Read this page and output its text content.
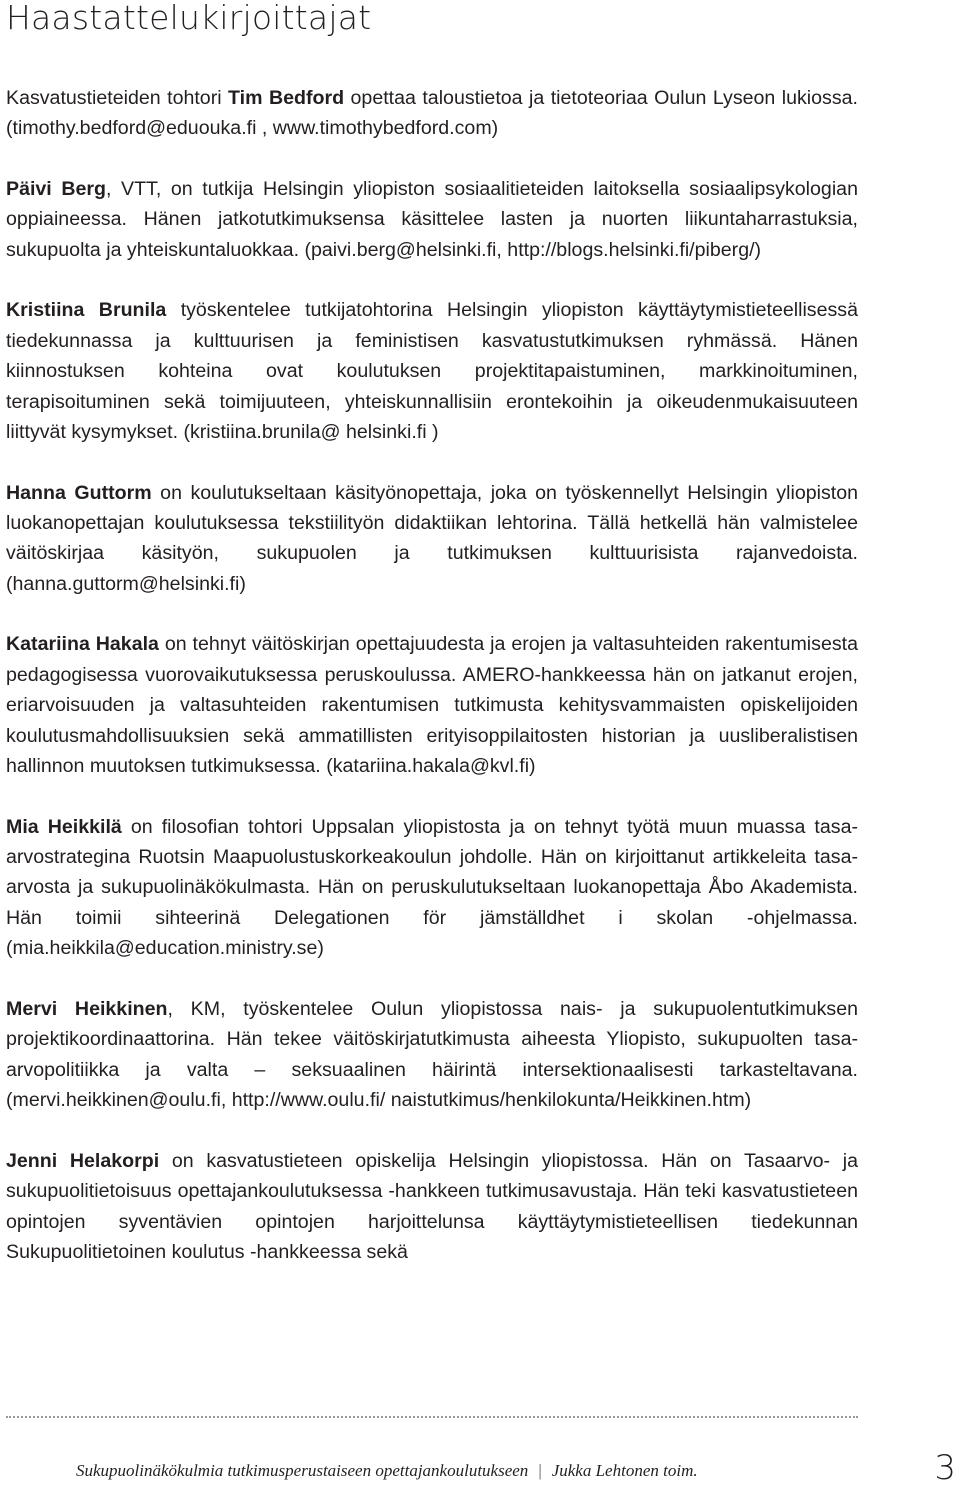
Haastattelukirjoittajat

Kasvatustieteiden tohtori Tim Bedford opettaa taloustietoa ja tietoteoriaa Oulun Lyseon lukiossa. (timothy.bedford@eduouka.fi , www.timothybedford.com)

Päivi Berg, VTT, on tutkija Helsingin yliopiston sosiaalitieteiden laitoksella sosiaalipsykologian oppiaineessa. Hänen jatkotutkimuksensa käsittelee lasten ja nuorten liikuntaharrastuksia, sukupuolta ja yhteiskuntaluokkaa. (paivi.berg@helsinki.fi, http://blogs.helsinki.fi/piberg/)

Kristiina Brunila työskentelee tutkijatohtorina Helsingin yliopiston käyttäytymistieteellisessä tiedekunnassa ja kulttuurisen ja feministisen kasvatustutkimuksen ryhmässä. Hänen kiinnostuksen kohteina ovat koulutuksen projektitapaistuminen, markkinoituminen, terapisoituminen sekä toimijuuteen, yhteiskunnallisiin erontekoihin ja oikeudenmukaisuuteen liittyvät kysymykset. (kristiina.brunila@ helsinki.fi )

Hanna Guttorm on koulutukseltaan käsityönopettaja, joka on työskennellyt Helsingin yliopiston luokanopettajan koulutuksessa tekstiilityön didaktiikan lehtorina. Tällä hetkellä hän valmistelee väitöskirjaa käsityön, sukupuolen ja tutkimuksen kulttuurisista rajanvedoista. (hanna.guttorm@helsinki.fi)

Katariina Hakala on tehnyt väitöskirjan opettajuudesta ja erojen ja valtasuhteiden rakentumisesta pedagogisessa vuorovaikutuksessa peruskoulussa. AMERO-hankkeessa hän on jatkanut erojen, eriarvoisuuden ja valtasuhteiden rakentumisen tutkimusta kehitysvammaisten opiskelijoiden koulutusmahdollisuuksien sekä ammatillisten erityisoppilaitosten historian ja uusliberalistisen hallinnon muutoksen tutkimuksessa. (katariina.hakala@kvl.fi)

Mia Heikkilä on filosofian tohtori Uppsalan yliopistosta ja on tehnyt työtä muun muassa tasa-arvostrategina Ruotsin Maapuolustuskorkeakoulun johdolle. Hän on kirjoittanut artikkeleita tasa-arvosta ja sukupuolinäkökulmasta. Hän on peruskulutukseltaan luokanopettaja Åbo Akademista. Hän toimii sihteerinä Delegationen för jämställdhet i skolan -ohjelmassa. (mia.heikkila@education.ministry.se)

Mervi Heikkinen, KM, työskentelee Oulun yliopistossa nais- ja sukupuolentutkimuksen projektikoordinaattorina. Hän tekee väitöskirjatutkimusta aiheesta Yliopisto, sukupuolten tasa-arvopolitiikka ja valta – seksuaalinen häirintä intersektionaalisesti tarkasteltavana. (mervi.heikkinen@oulu.fi, http://www.oulu.fi/ naistutkimus/henkilokunta/Heikkinen.htm)

Jenni Helakorpi on kasvatustieteen opiskelija Helsingin yliopistossa. Hän on Tasaarvo- ja sukupuolitietoisuus opettajankoulutuksessa -hankkeen tutkimusavustaja. Hän teki kasvatustieteen opintojen syventävien opintojen harjoittelunsa käyttäytymistieteellisen tiedekunnan Sukupuolitietoinen koulutus -hankkeessa sekä

Sukupuolinäkökulmia tutkimusperustaiseen opettajankoulutukseen | Jukka Lehtonen toim.	3
